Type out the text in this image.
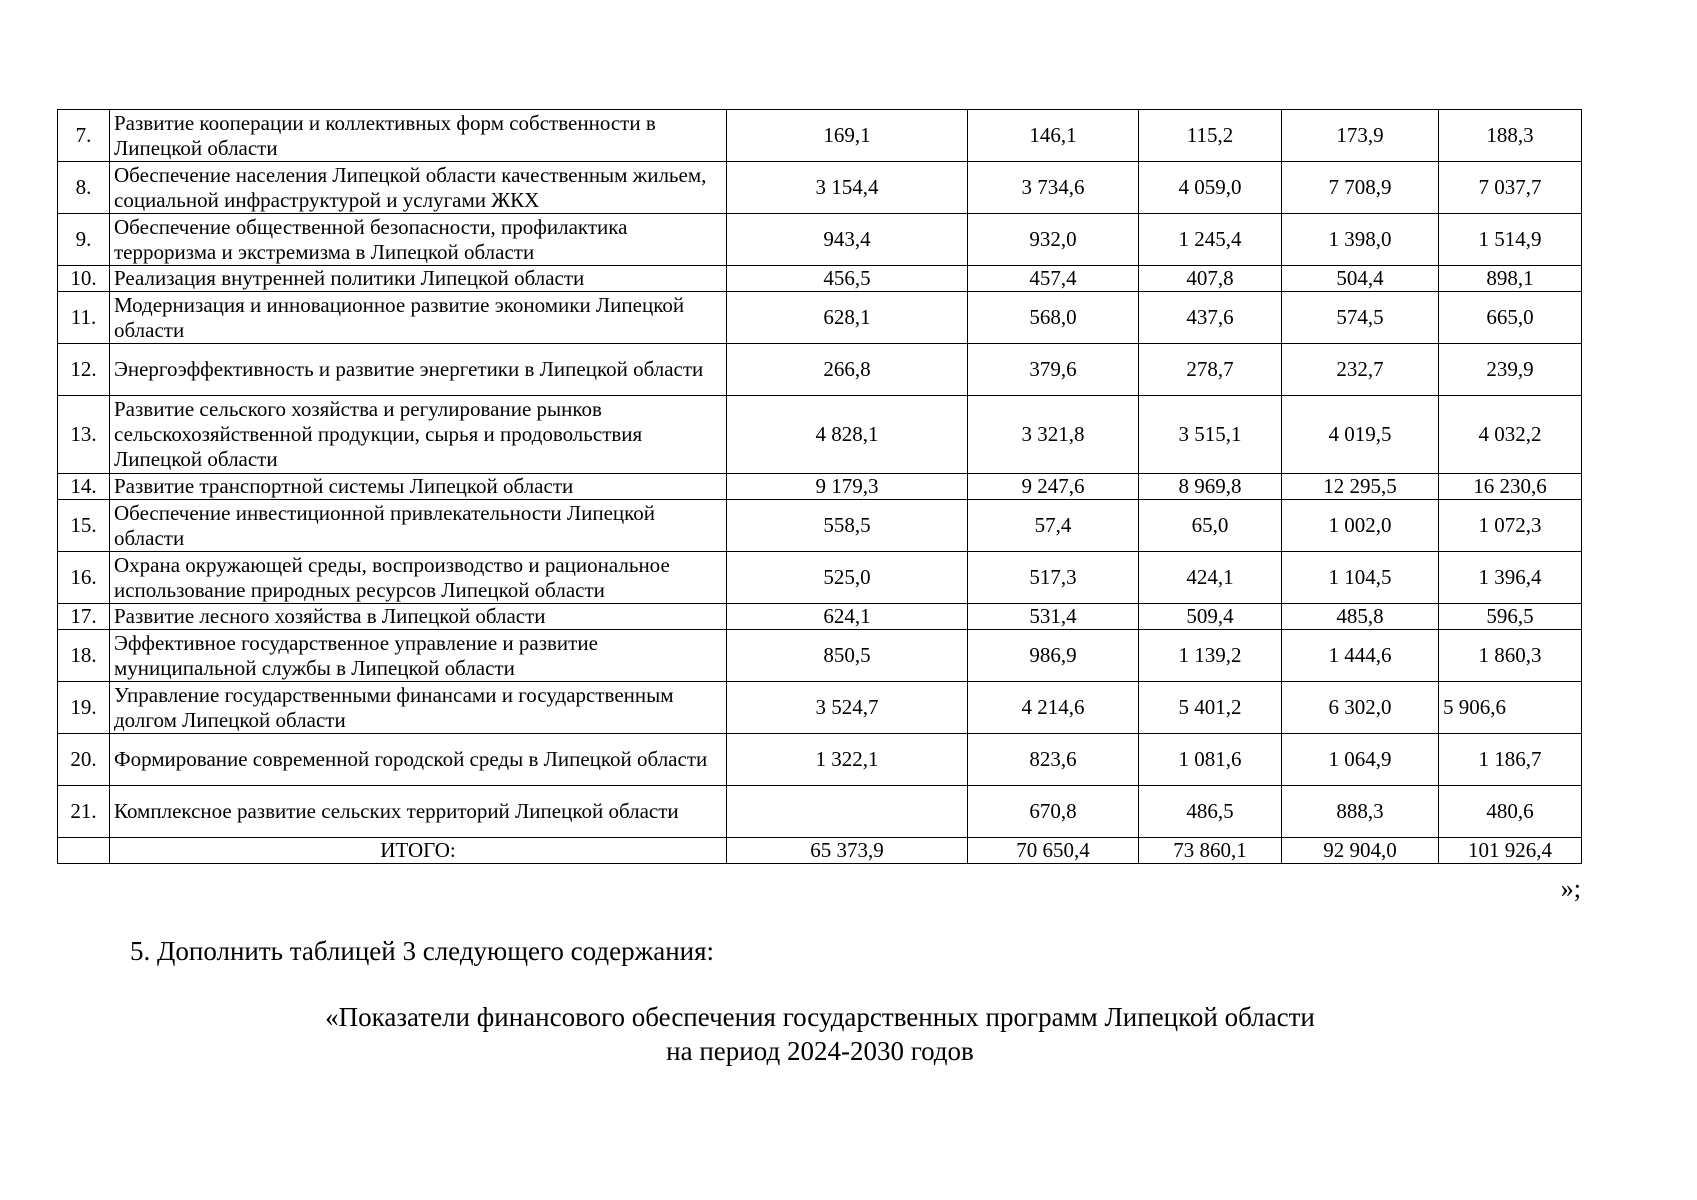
7.	Развитие кооперации и коллективных форм собственности в Липецкой области	169,1	146,1	115,2	173,9	188,3
8.	Обеспечение населения Липецкой области качественным жильем, социальной инфраструктурой и услугами ЖКХ	3 154,4	3 734,6	4 059,0	7 708,9	7 037,7
9.	Обеспечение общественной безопасности, профилактика терроризма и экстремизма в Липецкой области	943,4	932,0	1 245,4	1 398,0	1 514,9
10.	Реализация внутренней политики Липецкой области	456,5	457,4	407,8	504,4	898,1
11.	Модернизация и инновационное развитие экономики Липецкой области	628,1	568,0	437,6	574,5	665,0
12.	Энергоэффективность и развитие энергетики в Липецкой области	266,8	379,6	278,7	232,7	239,9
13.	Развитие сельского хозяйства и регулирование рынков сельскохозяйственной продукции, сырья и продовольствия Липецкой области	4 828,1	3 321,8	3 515,1	4 019,5	4 032,2
14.	Развитие транспортной системы Липецкой области	9 179,3	9 247,6	8 969,8	12 295,5	16 230,6
15.	Обеспечение инвестиционной привлекательности Липецкой области	558,5	57,4	65,0	1 002,0	1 072,3
16.	Охрана окружающей среды, воспроизводство и рациональное использование природных ресурсов Липецкой области	525,0	517,3	424,1	1 104,5	1 396,4
17.	Развитие лесного хозяйства в Липецкой области	624,1	531,4	509,4	485,8	596,5
18.	Эффективное государственное управление и развитие муниципальной службы в Липецкой области	850,5	986,9	1 139,2	1 444,6	1 860,3
19.	Управление государственными финансами и государственным долгом Липецкой области	3 524,7	4 214,6	5 401,2	6 302,0	5 906,6
20.	Формирование современной городской среды в Липецкой области	1 322,1	823,6	1 081,6	1 064,9	1 186,7
21.	Комплексное развитие сельских территорий Липецкой области		670,8	486,5	888,3	480,6
	ИТОГО:	65 373,9	70 650,4	73 860,1	92 904,0	101 926,4
»;
5. Дополнить таблицей 3 следующего содержания:
«Показатели финансового обеспечения государственных программ Липецкой области
на период 2024-2030 годов
